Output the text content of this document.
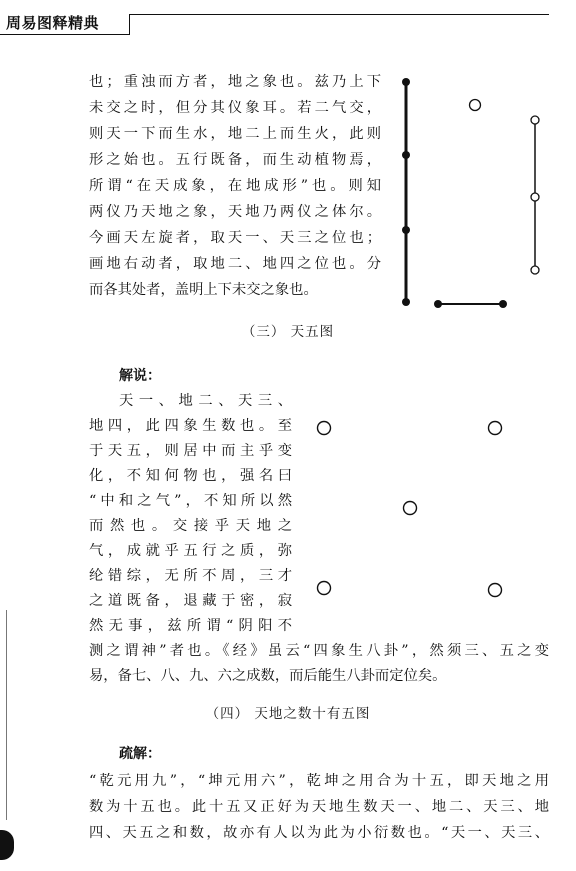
周易图释精典

也；重浊而方者，地之象也。兹乃上下

未交之时，但分其仪象耳。若二气交，

则天一下而生水，地二上而生火，此则

形之始也。五行既备，而生动植物焉，

所谓“在天成象，在地成形”也。则知

两仪乃天地之象，天地乃两仪之体尔。

今画天左旋者，取天一、天三之位也；

画地右动者，取地二、地四之位也。分

而各其处者，盖明上下未交之象也。

（三） 天五图
解说：

天一、地二、天三、

地四，此四象生数也。至

于天五，则居中而主乎变

化，不知何物也，强名曰

“中和之气”，不知所以然

而然也。交接乎天地之

气，成就乎五行之质，弥

纶错综，无所不周，三才

之道既备，退藏于密，寂

然无事，兹所谓“阴阳不

测之谓神”者也。《经》虽云“四象生八卦”，然须三、五之变

易，备七、八、九、六之成数，而后能生八卦而定位矣。

（四） 天地之数十有五图
疏解：

“乾元用九”，“坤元用六”，乾坤之用合为十五，即天地之用

数为十五也。此十五又正好为天地生数天一、地二、天三、地

四、天五之和数，故亦有人以为此为小衍数也。“天一、天三、
